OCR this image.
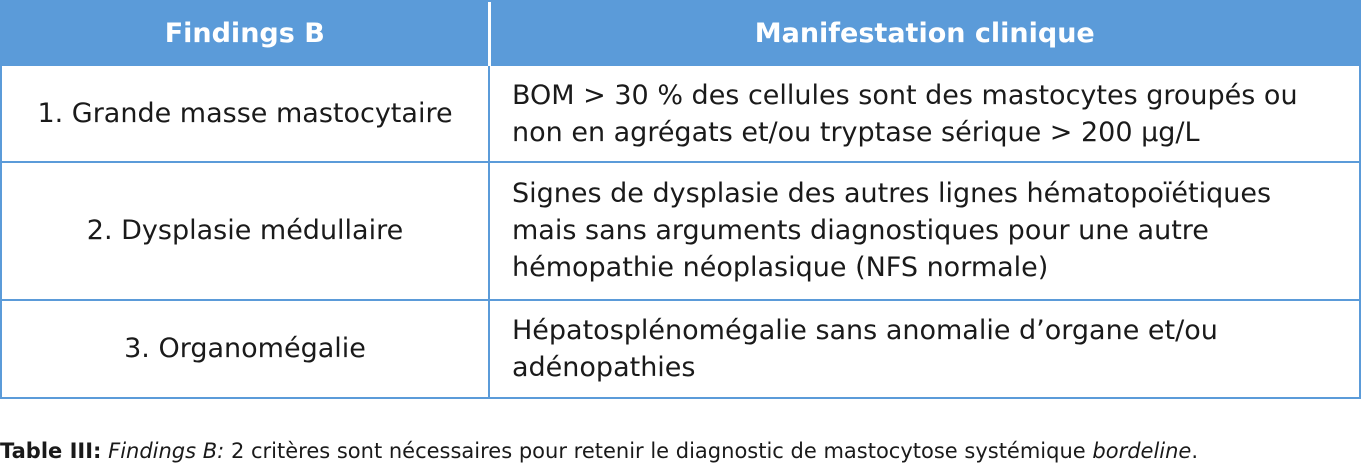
Findings B	Manifestation clinique
1. Grande masse mastocytaire	BOM > 30 % des cellules sont des mastocytes groupés ou
non en agrégats et/ou tryptase sérique > 200 µg/L
2. Dysplasie médullaire	Signes de dysplasie des autres lignes hématopoïétiques
mais sans arguments diagnostiques pour une autre
hémopathie néoplasique (NFS normale)
3. Organomégalie	Hépatosplénomégalie sans anomalie d’organe et/ou
adénopathies
Table III: Findings B: 2 critères sont nécessaires pour retenir le diagnostic de mastocytose systémique bordeline.
